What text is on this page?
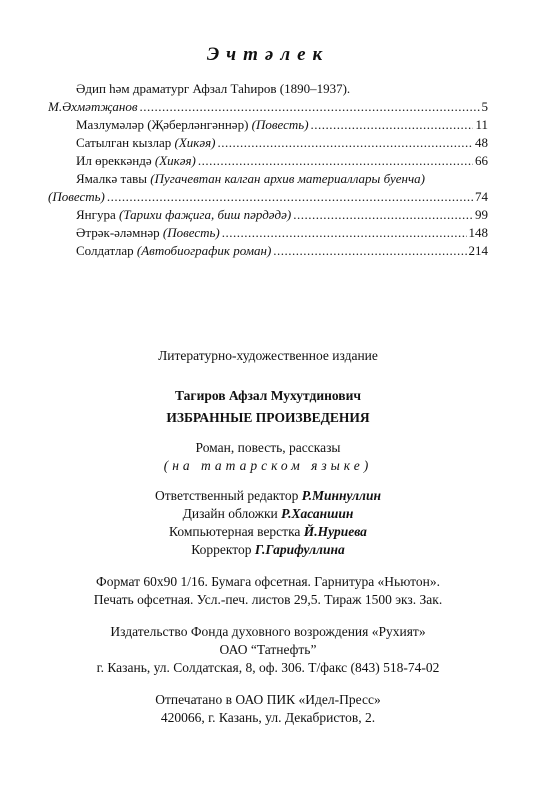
Эчтәлек
Әдип һәм драматург Афзал Таһиров (1890–1937).
М.Әхмәтҗанов .....	5
Мазлумәләр (Җәберләнгәннәр)
(Повесть) .....	11
Сатылган кызлар
(Хикәя) .....	48
Ил өреккәндә
(Хикәя) .....	66
Ямалкә тавы (Пугачевтан калган архив материаллары буенча)
(Повесть) .....	74
Янгура
(Тарихи фаҗига, биш пәрдәдә) .....	99
Әтрәк-әләмнәр
(Повесть) .....	148
Солдатлар
(Автобиографик роман) .....	214
Литературно-художественное издание
Тагиров Афзал Мухутдинович
ИЗБРАННЫЕ ПРОИЗВЕДЕНИЯ
Роман, повесть, рассказы
(на татарском языке)
Ответственный редактор Р.Миннуллин
Дизайн обложки Р.Хасаншин
Компьютерная верстка Й.Нуриева
Корректор Г.Гарифуллина
Формат 60х90 1/16. Бумага офсетная. Гарнитура «Ньютон».
Печать офсетная. Усл.-печ. листов 29,5. Тираж 1500 экз. Зак.
Издательство Фонда духовного возрождения «Рухият»
ОАО “Татнефть”
г. Казань, ул. Солдатская, 8, оф. 306. Т/факс (843) 518-74-02
Отпечатано в ОАО ПИК «Идел-Пресс»
420066, г. Казань, ул. Декабристов, 2.
